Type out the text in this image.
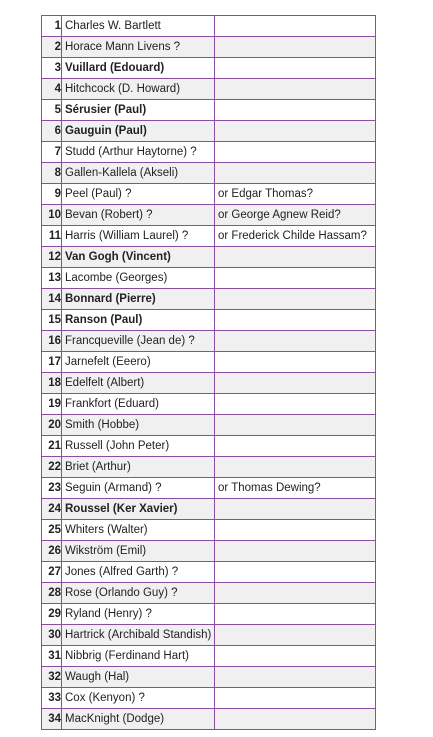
1	Charles W. Bartlett	
2	Horace Mann Livens ?	
3	Vuillard (Edouard)	
4	Hitchcock (D. Howard)	
5	Sérusier (Paul)	
6	Gauguin (Paul)	
7	Studd (Arthur Haytorne) ?	
8	Gallen-Kallela (Akseli)	
9	Peel (Paul) ?	or Edgar Thomas?
10	Bevan (Robert) ?	or George Agnew Reid?
11	Harris (William Laurel) ?	or Frederick Childe Hassam?
12	Van Gogh (Vincent)	
13	Lacombe (Georges)	
14	Bonnard (Pierre)	
15	Ranson (Paul)	
16	Francqueville (Jean de) ?	
17	Jarnefelt (Eeero)	
18	Edelfelt (Albert)	
19	Frankfort (Eduard)	
20	Smith (Hobbe)	
21	Russell (John Peter)	
22	Briet (Arthur)	
23	Seguin (Armand) ?	or Thomas Dewing?
24	Roussel (Ker Xavier)	
25	Whiters (Walter)	
26	Wikström (Emil)	
27	Jones (Alfred Garth) ?	
28	Rose (Orlando Guy) ?	
29	Ryland (Henry) ?	
30	Hartrick (Archibald Standish)	
31	Nibbrig (Ferdinand Hart)	
32	Waugh (Hal)	
33	Cox (Kenyon) ?	
34	MacKnight (Dodge)	
